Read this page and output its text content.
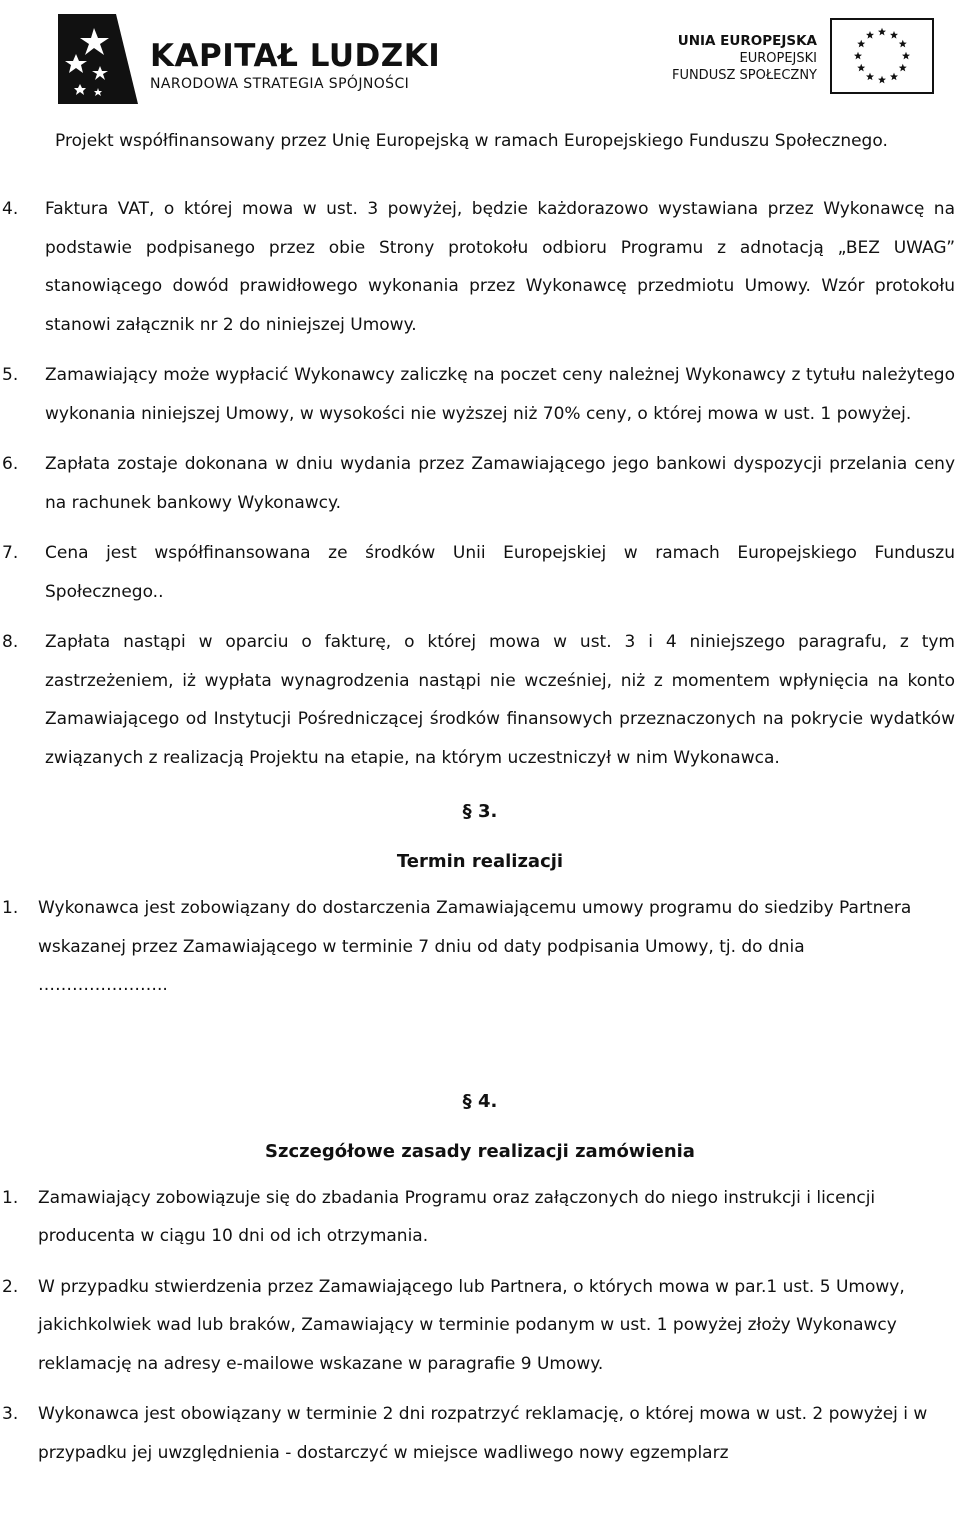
KAPITAŁ LUDZKI
NARODOWA STRATEGIA SPÓJNOŚCI
UNIA EUROPEJSKA
EUROPEJSKI
FUNDUSZ SPOŁECZNY
Projekt współfinansowany przez Unię Europejską w ramach Europejskiego Funduszu Społecznego.
4. Faktura VAT, o której mowa w ust. 3 powyżej, będzie każdorazowo wystawiana przez Wykonawcę na podstawie podpisanego przez obie Strony protokołu odbioru Programu z adnotacją „BEZ UWAG” stanowiącego dowód prawidłowego wykonania przez Wykonawcę przedmiotu Umowy. Wzór protokołu stanowi załącznik nr 2 do niniejszej Umowy.
5. Zamawiający może wypłacić Wykonawcy zaliczkę na poczet ceny należnej Wykonawcy z tytułu należytego wykonania niniejszej Umowy, w wysokości nie wyższej niż 70% ceny, o której mowa w ust. 1 powyżej.
6. Zapłata zostaje dokonana w dniu wydania przez Zamawiającego jego bankowi dyspozycji przelania ceny na rachunek bankowy Wykonawcy.
7. Cena jest współfinansowana ze środków Unii Europejskiej w ramach Europejskiego Funduszu Społecznego..
8. Zapłata nastąpi w oparciu o fakturę, o której mowa w ust. 3 i 4 niniejszego paragrafu, z tym zastrzeżeniem, iż wypłata wynagrodzenia nastąpi nie wcześniej, niż z momentem wpłynięcia na konto Zamawiającego od Instytucji Pośredniczącej środków finansowych przeznaczonych na pokrycie wydatków związanych z realizacją Projektu na etapie, na którym uczestniczył w nim Wykonawca.
§ 3.
Termin realizacji
1. Wykonawca jest zobowiązany do dostarczenia Zamawiającemu umowy programu do siedziby Partnera wskazanej przez Zamawiającego w terminie 7 dniu od daty podpisania Umowy, tj. do dnia …………………..
§ 4.
Szczegółowe zasady realizacji zamówienia
1. Zamawiający zobowiązuje się do zbadania Programu oraz załączonych do niego instrukcji i licencji producenta w ciągu 10 dni od ich otrzymania.
2. W przypadku stwierdzenia przez Zamawiającego lub Partnera, o których mowa w par.1 ust. 5 Umowy, jakichkolwiek wad lub braków, Zamawiający w terminie podanym w ust. 1 powyżej złoży Wykonawcy reklamację na adresy e-mailowe wskazane w paragrafie 9 Umowy.
3. Wykonawca jest obowiązany w terminie 2 dni rozpatrzyć reklamację, o której mowa w ust. 2 powyżej i w przypadku jej uwzględnienia - dostarczyć w miejsce wadliwego nowy egzemplarz
